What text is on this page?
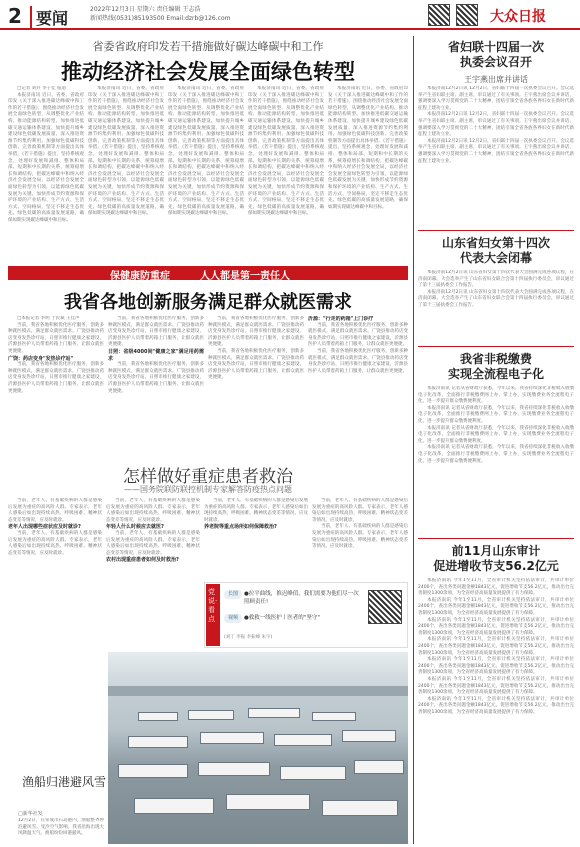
2 要闻	2022年12月3日 星期六 责任编辑 王志浩
新闻热线(0531)85193500 Email:dzrb@126.com	大众日报
省委省政府印发若干措施做好碳达峰碳中和工作
推动经济社会发展全面绿色转型

□记者 刘兵 李子佳 报道

本报济南讯 近日，省委、省政府印发《关于深入推进碳达峰碳中和工作的若干措施》，围绕推动经济社会发展全面绿色转型，从调整优化产业结构、推动能源结构转型、加快推进低碳交通运输体系建设、加快提升城乡建设绿色低碳发展质量、深入推进资源节约集约利用、加强绿色低碳科技创新、完善政策机制等方面提出具体举措。《若干措施》提出，坚持系统观念，处理好发展和减排、整体和局部、短期和中长期的关系，统筹稳增长和调结构，把碳达峰碳中和纳入经济社会发展全局，以经济社会发展全面绿色转型为引领，以能源绿色低碳发展为关键，加快形成节约资源和保护环境的产业结构、生产方式、生活方式、空间格局，坚定不移走生态优先、绿色低碳的高质量发展道路，确保如期实现碳达峰碳中和目标。

本报济南讯 近日，省委、省政府印发《关于深入推进碳达峰碳中和工作的若干措施》，围绕推动经济社会发展全面绿色转型，从调整优化产业结构、推动能源结构转型、加快推进低碳交通运输体系建设、加快提升城乡建设绿色低碳发展质量、深入推进资源节约集约利用、加强绿色低碳科技创新、完善政策机制等方面提出具体举措。《若干措施》提出，坚持系统观念，处理好发展和减排、整体和局部、短期和中长期的关系，统筹稳增长和调结构，把碳达峰碳中和纳入经济社会发展全局，以经济社会发展全面绿色转型为引领，以能源绿色低碳发展为关键，加快形成节约资源和保护环境的产业结构、生产方式、生活方式、空间格局，坚定不移走生态优先、绿色低碳的高质量发展道路，确保如期实现碳达峰碳中和目标。

本报济南讯 近日，省委、省政府印发《关于深入推进碳达峰碳中和工作的若干措施》，围绕推动经济社会发展全面绿色转型，从调整优化产业结构、推动能源结构转型、加快推进低碳交通运输体系建设、加快提升城乡建设绿色低碳发展质量、深入推进资源节约集约利用、加强绿色低碳科技创新、完善政策机制等方面提出具体举措。《若干措施》提出，坚持系统观念，处理好发展和减排、整体和局部、短期和中长期的关系，统筹稳增长和调结构，把碳达峰碳中和纳入经济社会发展全局，以经济社会发展全面绿色转型为引领，以能源绿色低碳发展为关键，加快形成节约资源和保护环境的产业结构、生产方式、生活方式、空间格局，坚定不移走生态优先、绿色低碳的高质量发展道路，确保如期实现碳达峰碳中和目标。

本报济南讯 近日，省委、省政府印发《关于深入推进碳达峰碳中和工作的若干措施》，围绕推动经济社会发展全面绿色转型，从调整优化产业结构、推动能源结构转型、加快推进低碳交通运输体系建设、加快提升城乡建设绿色低碳发展质量、深入推进资源节约集约利用、加强绿色低碳科技创新、完善政策机制等方面提出具体举措。《若干措施》提出，坚持系统观念，处理好发展和减排、整体和局部、短期和中长期的关系，统筹稳增长和调结构，把碳达峰碳中和纳入经济社会发展全局，以经济社会发展全面绿色转型为引领，以能源绿色低碳发展为关键，加快形成节约资源和保护环境的产业结构、生产方式、生活方式、空间格局，坚定不移走生态优先、绿色低碳的高质量发展道路，确保如期实现碳达峰碳中和目标。

本报济南讯 近日，省委、省政府印发《关于深入推进碳达峰碳中和工作的若干措施》，围绕推动经济社会发展全面绿色转型，从调整优化产业结构、推动能源结构转型、加快推进低碳交通运输体系建设、加快提升城乡建设绿色低碳发展质量、深入推进资源节约集约利用、加强绿色低碳科技创新、完善政策机制等方面提出具体举措。《若干措施》提出，坚持系统观念，处理好发展和减排、整体和局部、短期和中长期的关系，统筹稳增长和调结构，把碳达峰碳中和纳入经济社会发展全局，以经济社会发展全面绿色转型为引领，以能源绿色低碳发展为关键，加快形成节约资源和保护环境的产业结构、生产方式、生活方式、空间格局，坚定不移走生态优先、绿色低碳的高质量发展道路，确保如期实现碳达峰碳中和目标。

保健康防重症	人人都是第一责任人
我省各地创新服务满足群众就医需求

□本报记者 李明 于民斌 王佳声

当前，我省各地积极优化医疗服务，创新多种就医模式，满足群众就医需求。广饶县推动药店变身发热诊疗站，日照市推行健康之家建设，沂源县医护人员带着药箱上门服务，让群众就医更便捷。

广饶：药店变身"发热诊疗站"

当前，我省各地积极优化医疗服务，创新多种就医模式，满足群众就医需求。广饶县推动药店变身发热诊疗站，日照市推行健康之家建设，沂源县医护人员带着药箱上门服务，让群众就医更便捷。

当前，我省各地积极优化医疗服务，创新多种就医模式，满足群众就医需求。广饶县推动药店变身发热诊疗站，日照市推行健康之家建设，沂源县医护人员带着药箱上门服务，让群众就医更便捷。

日照：省级4000间"健康之家"满足用药需求

当前，我省各地积极优化医疗服务，创新多种就医模式，满足群众就医需求。广饶县推动药店变身发热诊疗站，日照市推行健康之家建设，沂源县医护人员带着药箱上门服务，让群众就医更便捷。

当前，我省各地积极优化医疗服务，创新多种就医模式，满足群众就医需求。广饶县推动药店变身发热诊疗站，日照市推行健康之家建设，沂源县医护人员带着药箱上门服务，让群众就医更便捷。

当前，我省各地积极优化医疗服务，创新多种就医模式，满足群众就医需求。广饶县推动药店变身发热诊疗站，日照市推行健康之家建设，沂源县医护人员带着药箱上门服务，让群众就医更便捷。

沂源："行走的药箱"上门诊疗

当前，我省各地积极优化医疗服务，创新多种就医模式，满足群众就医需求。广饶县推动药店变身发热诊疗站，日照市推行健康之家建设，沂源县医护人员带着药箱上门服务，让群众就医更便捷。

当前，我省各地积极优化医疗服务，创新多种就医模式，满足群众就医需求。广饶县推动药店变身发热诊疗站，日照市推行健康之家建设，沂源县医护人员带着药箱上门服务，让群众就医更便捷。

怎样做好重症患者救治
——国务院联防联控机制专家解答防疫热点问题

当前，老年人、有基础疾病的人群是感染后发展为重症的高风险人群。专家表示，老年人感染后如出现持续高热、呼吸困难、精神状态变差等情况，应及时就诊。

老年人出现哪些症状应及时就诊?

当前，老年人、有基础疾病的人群是感染后发展为重症的高风险人群。专家表示，老年人感染后如出现持续高热、呼吸困难、精神状态变差等情况，应及时就诊。

当前，老年人、有基础疾病的人群是感染后发展为重症的高风险人群。专家表示，老年人感染后如出现持续高热、呼吸困难、精神状态变差等情况，应及时就诊。

年轻人什么时候应去就医?

当前，老年人、有基础疾病的人群是感染后发展为重症的高风险人群。专家表示，老年人感染后如出现持续高热、呼吸困难、精神状态变差等情况，应及时就诊。

农村出现重症患者如何及时救治?

当前，老年人、有基础疾病的人群是感染后发展为重症的高风险人群。专家表示，老年人感染后如出现持续高热、呼吸困难、精神状态变差等情况，应及时就诊。

养老院等重点场所如何保障救治?

当前，老年人、有基础疾病的人群是感染后发展为重症的高风险人群。专家表示，老年人感染后如出现持续高热、呼吸困难、精神状态变差等情况，应及时就诊。

当前，老年人、有基础疾病的人群是感染后发展为重症的高风险人群。专家表示，老年人感染后如出现持续高热、呼吸困难、精神状态变差等情况，应及时就诊。

党说·看点
长图	●拉平曲线，推迟峰值，我们需要为他们尽一次照顾责任!
视频	●救救一线医护丨医者的"坚守"
(刘丁 李振 李振峰 朱宇)
渔船归港避风雪
□新华社发
12月2日，在荣成市石岛港内，渔船整齐停泊避风雪。受冷空气影响，我省沿海出现大风降温天气，渔船纷纷回港避风。
省妇联十四届一次
执委会议召开
王宇燕出席并讲话

本报济南12月2日讯 12月2日，省妇联十四届一次执委会议召开。会议选举产生省妇联主席、副主席，审议通过了有关事项。王宇燕出席会议并讲话，强调要深入学习贯彻党的二十大精神，团结引领全省各族各界妇女在新时代新征程上建功立业。

本报济南12月2日讯 12月2日，省妇联十四届一次执委会议召开。会议选举产生省妇联主席、副主席，审议通过了有关事项。王宇燕出席会议并讲话，强调要深入学习贯彻党的二十大精神，团结引领全省各族各界妇女在新时代新征程上建功立业。

本报济南12月2日讯 12月2日，省妇联十四届一次执委会议召开。会议选举产生省妇联主席、副主席，审议通过了有关事项。王宇燕出席会议并讲话，强调要深入学习贯彻党的二十大精神，团结引领全省各族各界妇女在新时代新征程上建功立业。

山东省妇女第十四次
代表大会闭幕

本报济南12月2日讯 山东省妇女第十四次代表大会圆满完成各项议程，在济南闭幕。大会选举产生了山东省妇女联合会第十四届执行委员会，审议通过了第十三届执委会工作报告。

本报济南12月2日讯 山东省妇女第十四次代表大会圆满完成各项议程，在济南闭幕。大会选举产生了山东省妇女联合会第十四届执行委员会，审议通过了第十三届执委会工作报告。

我省非税缴费
实现全流程电子化

本报济南讯 记者从省财政厅获悉，今年以来，我省持续深化非税收入收缴电子化改革，全面推行非税缴费网上办、掌上办，实现缴费业务全流程电子化，进一步提升群众缴费便利度。

本报济南讯 记者从省财政厅获悉，今年以来，我省持续深化非税收入收缴电子化改革，全面推行非税缴费网上办、掌上办，实现缴费业务全流程电子化，进一步提升群众缴费便利度。

本报济南讯 记者从省财政厅获悉，今年以来，我省持续深化非税收入收缴电子化改革，全面推行非税缴费网上办、掌上办，实现缴费业务全流程电子化，进一步提升群众缴费便利度。

本报济南讯 记者从省财政厅获悉，今年以来，我省持续深化非税收入收缴电子化改革，全面推行非税缴费网上办、掌上办，实现缴费业务全流程电子化，进一步提升群众缴费便利度。

前11月山东审计
促进增收节支56.2亿元

本报济南讯 今年1至11月，全省审计机关坚持依法审计，共审计单位2400个，查出各类问题金额1843亿元，促进增收节支56.2亿元，推动出台完善制度1300余项，为全省经济高质量发展提供了有力保障。

本报济南讯 今年1至11月，全省审计机关坚持依法审计，共审计单位2400个，查出各类问题金额1843亿元，促进增收节支56.2亿元，推动出台完善制度1300余项，为全省经济高质量发展提供了有力保障。

本报济南讯 今年1至11月，全省审计机关坚持依法审计，共审计单位2400个，查出各类问题金额1843亿元，促进增收节支56.2亿元，推动出台完善制度1300余项，为全省经济高质量发展提供了有力保障。

本报济南讯 今年1至11月，全省审计机关坚持依法审计，共审计单位2400个，查出各类问题金额1843亿元，促进增收节支56.2亿元，推动出台完善制度1300余项，为全省经济高质量发展提供了有力保障。

本报济南讯 今年1至11月，全省审计机关坚持依法审计，共审计单位2400个，查出各类问题金额1843亿元，促进增收节支56.2亿元，推动出台完善制度1300余项，为全省经济高质量发展提供了有力保障。

本报济南讯 今年1至11月，全省审计机关坚持依法审计，共审计单位2400个，查出各类问题金额1843亿元，促进增收节支56.2亿元，推动出台完善制度1300余项，为全省经济高质量发展提供了有力保障。

本报济南讯 今年1至11月，全省审计机关坚持依法审计，共审计单位2400个，查出各类问题金额1843亿元，促进增收节支56.2亿元，推动出台完善制度1300余项，为全省经济高质量发展提供了有力保障。
